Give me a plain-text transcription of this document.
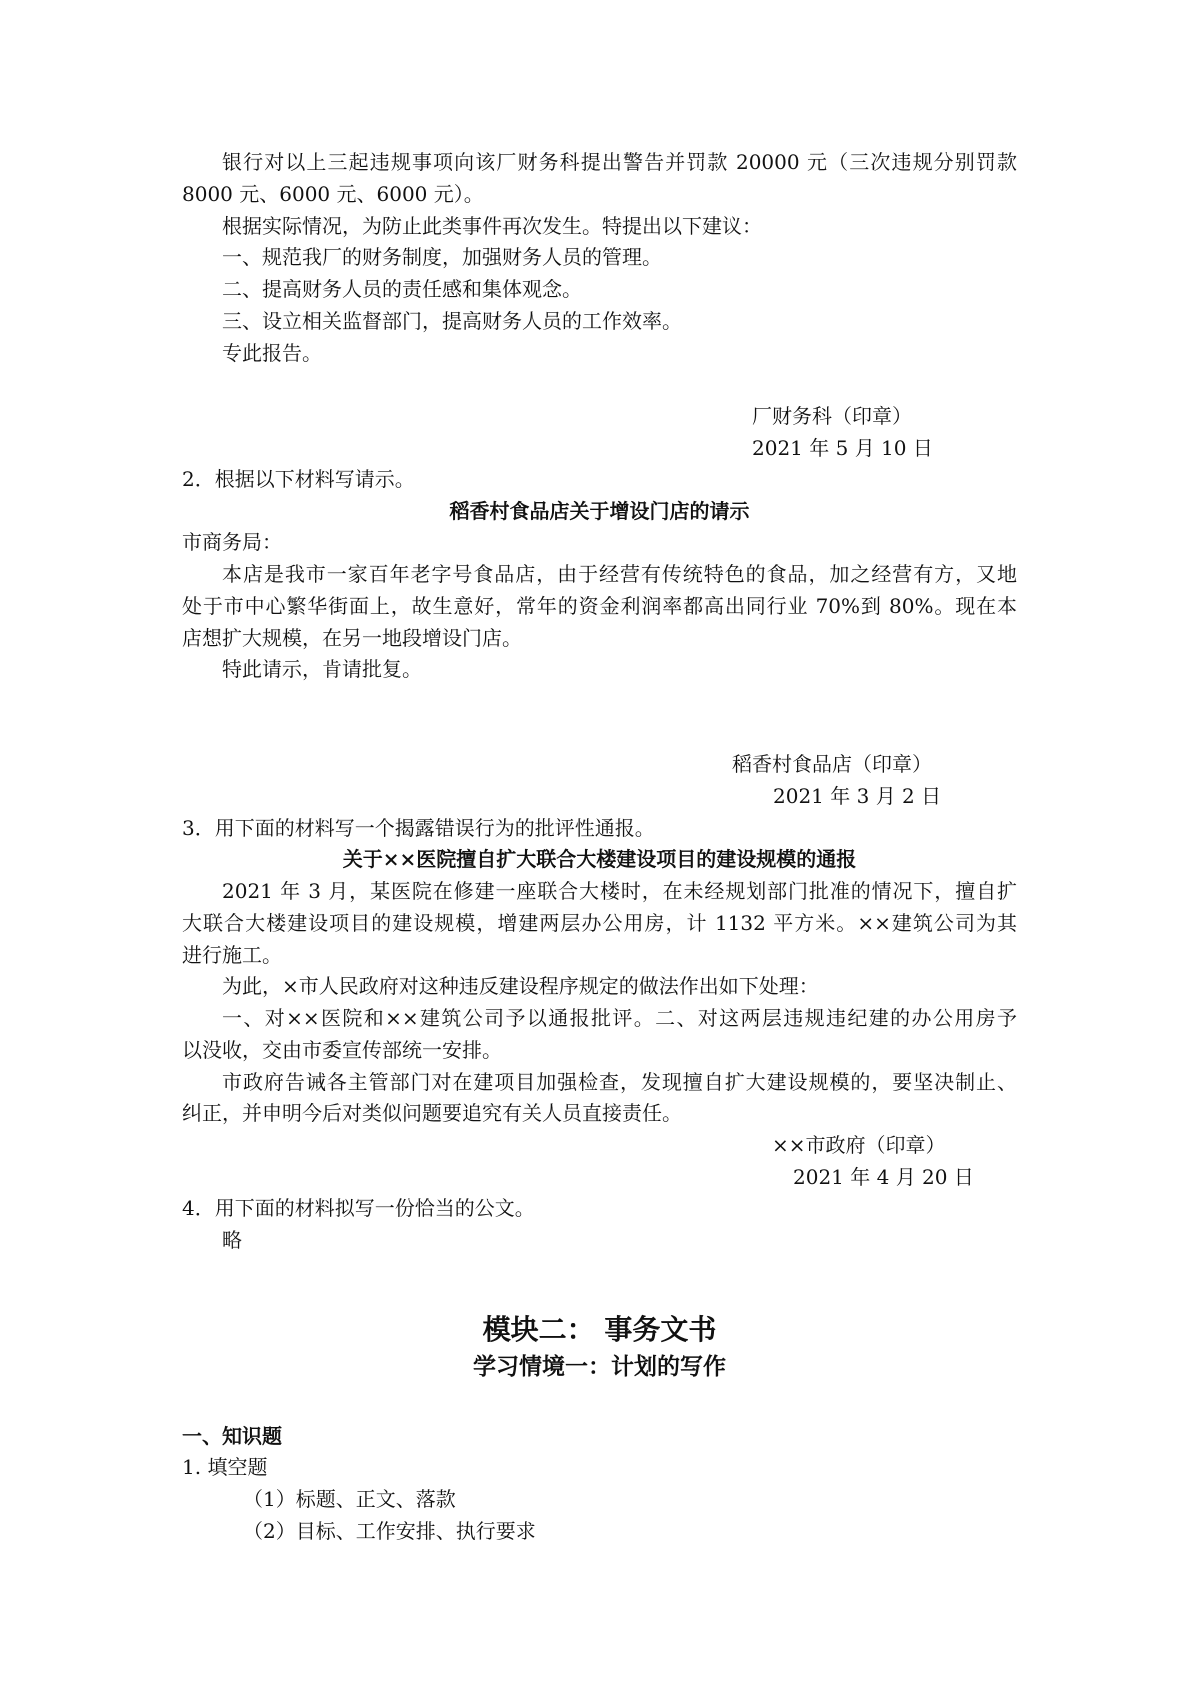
银行对以上三起违规事项向该厂财务科提出警告并罚款 20000 元（三次违规分别罚款
8000 元、6000 元、6000 元）。
根据实际情况，为防止此类事件再次发生。特提出以下建议：
一、规范我厂的财务制度，加强财务人员的管理。
二、提高财务人员的责任感和集体观念。
三、设立相关监督部门，提高财务人员的工作效率。
专此报告。
厂财务科（印章）
2021 年 5 月 10 日
2．根据以下材料写请示。
稻香村食品店关于增设门店的请示
市商务局：
本店是我市一家百年老字号食品店，由于经营有传统特色的食品，加之经营有方，又地
处于市中心繁华街面上，故生意好，常年的资金利润率都高出同行业 70%到 80%。现在本
店想扩大规模，在另一地段增设门店。
特此请示，肯请批复。
稻香村食品店（印章）
2021 年 3 月 2 日
3．用下面的材料写一个揭露错误行为的批评性通报。
关于××医院擅自扩大联合大楼建设项目的建设规模的通报
2021 年 3 月，某医院在修建一座联合大楼时，在未经规划部门批准的情况下，擅自扩
大联合大楼建设项目的建设规模，增建两层办公用房，计 1132 平方米。××建筑公司为其
进行施工。
为此，×市人民政府对这种违反建设程序规定的做法作出如下处理：
一、对××医院和××建筑公司予以通报批评。二、对这两层违规违纪建的办公用房予
以没收，交由市委宣传部统一安排。
市政府告诫各主管部门对在建项目加强检查，发现擅自扩大建设规模的，要坚决制止、
纠正，并申明今后对类似问题要追究有关人员直接责任。
××市政府（印章）
2021 年 4 月 20 日
4．用下面的材料拟写一份恰当的公文。
略
模块二： 事务文书
学习情境一：计划的写作
一、知识题
1. 填空题
（1）标题、正文、落款
（2）目标、工作安排、执行要求
